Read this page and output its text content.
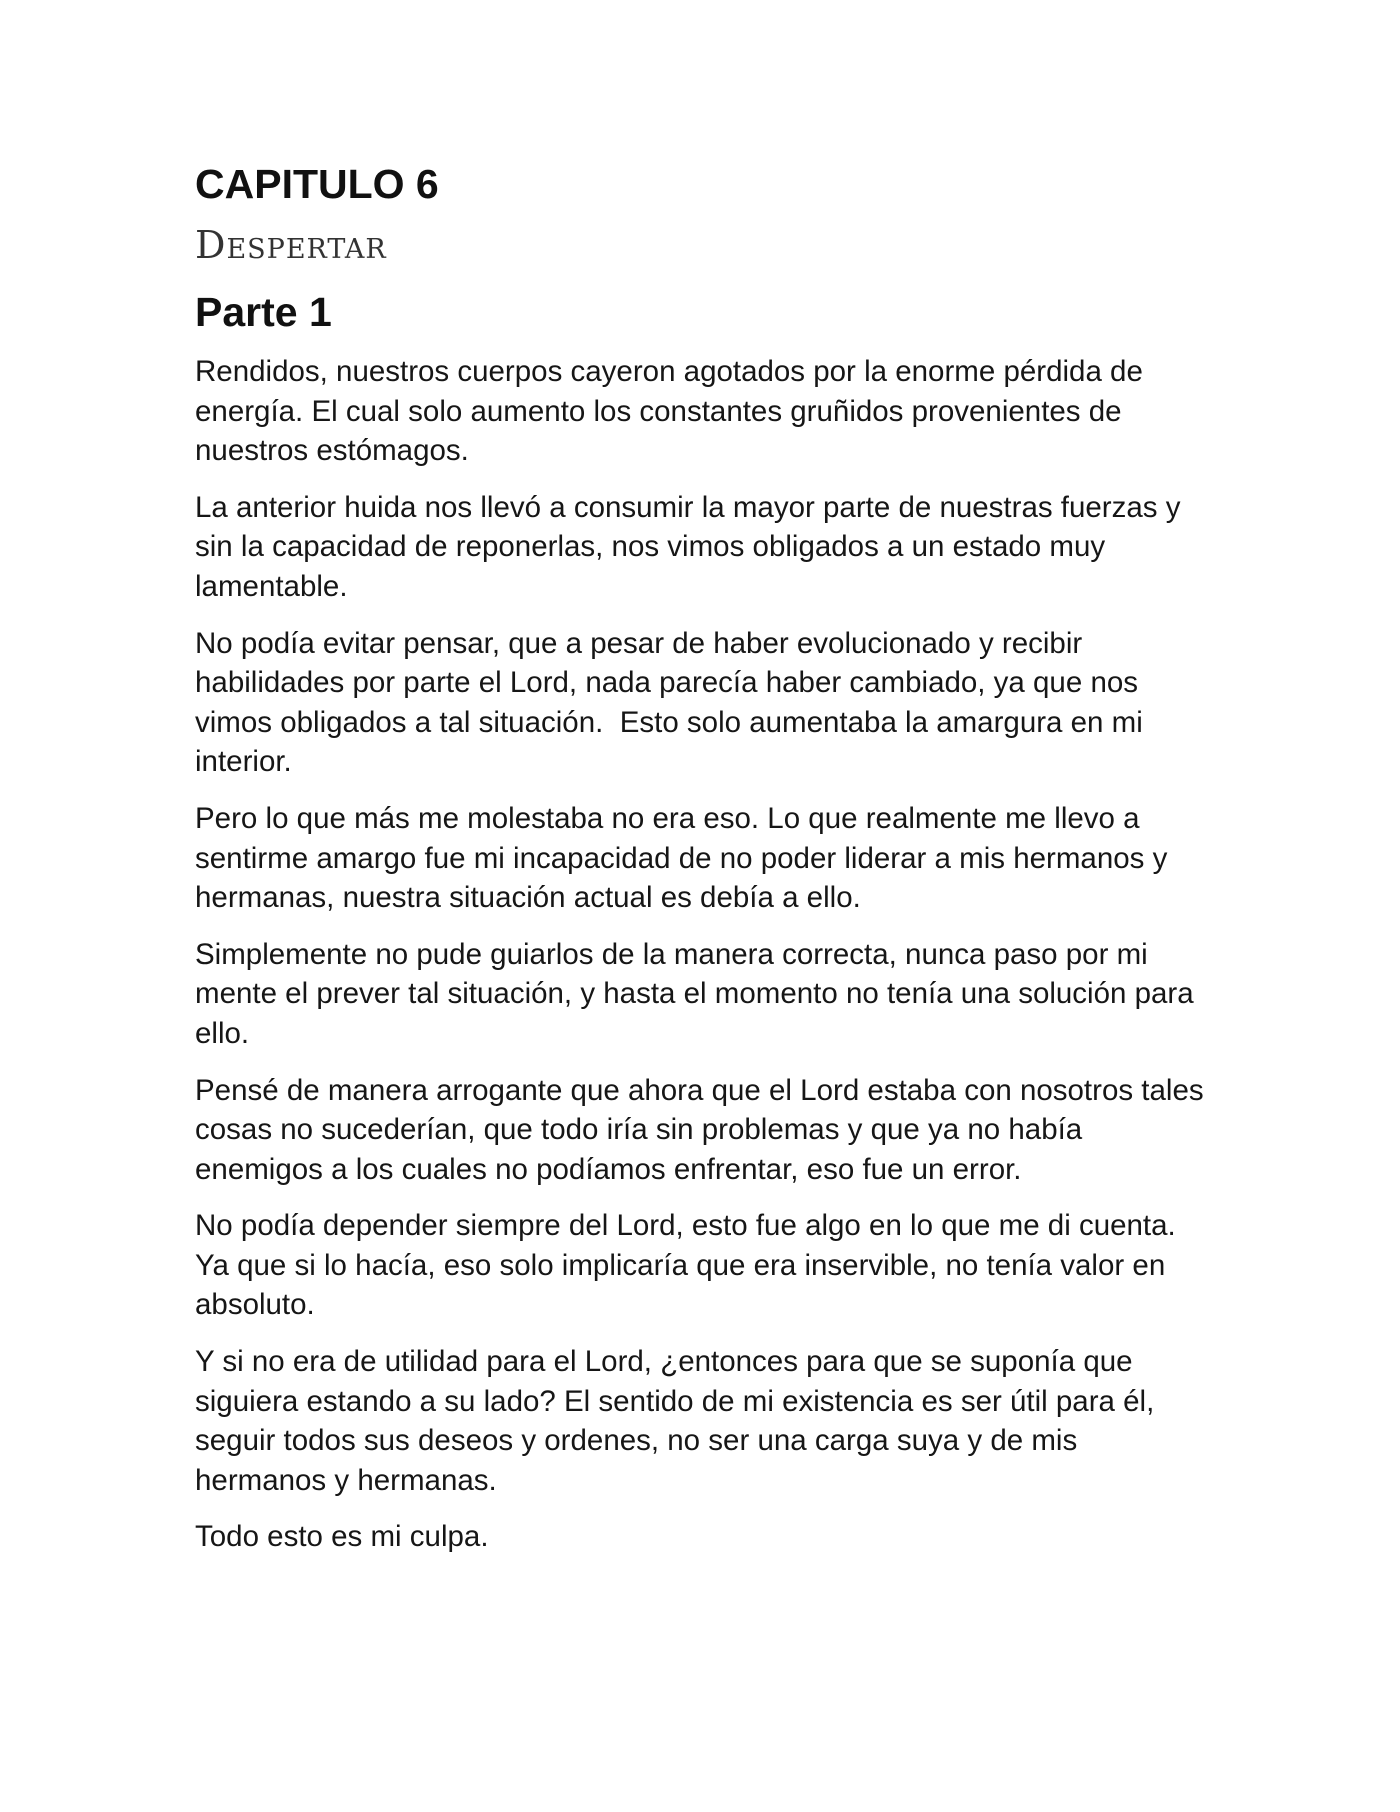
CAPITULO 6
Despertar
Parte 1

Rendidos, nuestros cuerpos cayeron agotados por la enorme pérdida de energía. El cual solo aumento los constantes gruñidos provenientes de nuestros estómagos.

La anterior huida nos llevó a consumir la mayor parte de nuestras fuerzas y sin la capacidad de reponerlas, nos vimos obligados a un estado muy lamentable.

No podía evitar pensar, que a pesar de haber evolucionado y recibir habilidades por parte el Lord, nada parecía haber cambiado, ya que nos vimos obligados a tal situación.  Esto solo aumentaba la amargura en mi interior.

Pero lo que más me molestaba no era eso. Lo que realmente me llevo a sentirme amargo fue mi incapacidad de no poder liderar a mis hermanos y hermanas, nuestra situación actual es debía a ello.

Simplemente no pude guiarlos de la manera correcta, nunca paso por mi mente el prever tal situación, y hasta el momento no tenía una solución para ello.

Pensé de manera arrogante que ahora que el Lord estaba con nosotros tales cosas no sucederían, que todo iría sin problemas y que ya no había enemigos a los cuales no podíamos enfrentar, eso fue un error.

No podía depender siempre del Lord, esto fue algo en lo que me di cuenta. Ya que si lo hacía, eso solo implicaría que era inservible, no tenía valor en absoluto.

Y si no era de utilidad para el Lord, ¿entonces para que se suponía que siguiera estando a su lado? El sentido de mi existencia es ser útil para él, seguir todos sus deseos y ordenes, no ser una carga suya y de mis hermanos y hermanas.

Todo esto es mi culpa.
